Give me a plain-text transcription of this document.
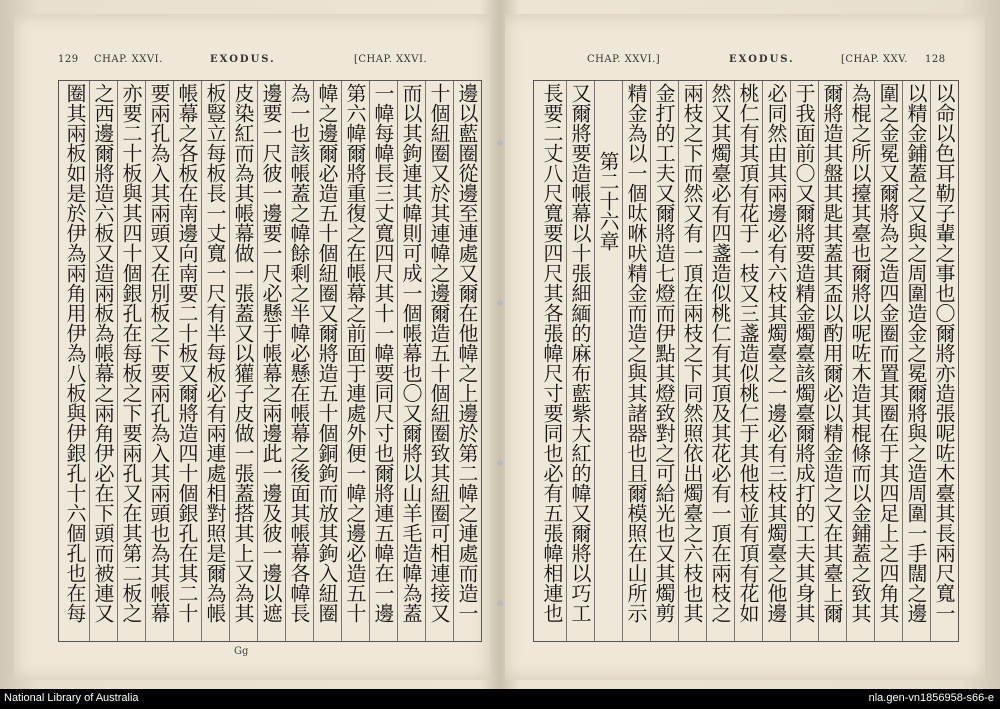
129 CHAP. XXVI.	EXODUS.	[CHAP. XXVI.
邊以藍圈從邊至連處又爾在他幃之上邊於第二幃之連處而造一
十個紐圈又於其連幃之邊爾造五十個紐圈致其紐圈可相連接又
而以其鉤連其幃則可成一個帳幕也〇又爾將以山羊毛造幃為蓋
一幃每幃長三丈寬四尺其十一幃要同尺寸也爾將連五幃在一邊
第六幃爾將重復之在帳幕之前面于連處外便一幃之邊必造五十
幃之邊爾必造五十個紐圈又爾將造五十個銅鉤而放其鉤入紐圈
為一也該帳蓋之幃餘剩之半幃必懸在帳幕之後面其帳幕各幃長
邊要一尺彼一邊要一尺必懸于帳幕之兩邊此一邊及彼一邊以遮
皮染紅而為其帳幕做一張蓋又以獾子皮做一張蓋搭其上又為其
板豎立每板長一丈寬一尺有半每板必有兩連處相對照是爾為帳
帳幕之各板在南邊向南要二十板又爾將造四十個銀孔在其二十
要兩孔為入其兩頭又在別板之下要兩孔為入其兩頭也為其帳幕
亦要二十板與其四十個銀孔在每板之下要兩孔又在其第二板之
之西邊爾將造六板又造兩板為帳幕之兩角伊必在下頭而被連又
圈其兩板如是於伊為兩角用伊為八板與伊銀孔十六個孔也在每
Gg
CHAP. XXVI.]	EXODUS.	[CHAP. XXV. 128
以命以色耳勒子輩之事也〇爾將亦造張呢咗木臺其長兩尺寬一
以精金鋪蓋之又與之周圍造金之冕爾將與之造周圍一手闊之邊
圍之金冕又爾將為之造四金圈而置其圈在于其四足上之四角其
為棍之所以擡其臺也爾將以呢咗木造其棍條而以金鋪蓋之致其
爾將造其盤其匙其蓋其盃以酌用爾必以精金造之又在其臺上爾
于我面前〇又爾將要造精金燭臺該燭臺爾將成打的工夫其身其
必同然由其兩邊必有六枝其燭臺之一邊必有三枝其燭臺之他邊
桃仁有其頂有花于一枝又三盞造似桃仁于其他枝並有頂有花如
然又其燭臺必有四盞造似桃仁有其頂及其花必有一頂在兩枝之
兩枝之下而然又有一頂在兩枝之下同然照依出燭臺之六枝也其
金打的工夫又爾將造七燈而伊點其燈致對之可給光也又其燭剪
精金為以一個呔咻吠精金而造之與其諸器也且爾模照在山所示
第二十六章
又爾將要造帳幕以十張細緬的麻布藍紫大紅的幃又爾將以巧工
長要二丈八尺寬要四尺其各張幃尺寸要同也必有五張幃相連也
National Library of Australia	nla.gen-vn1856958-s66-e
